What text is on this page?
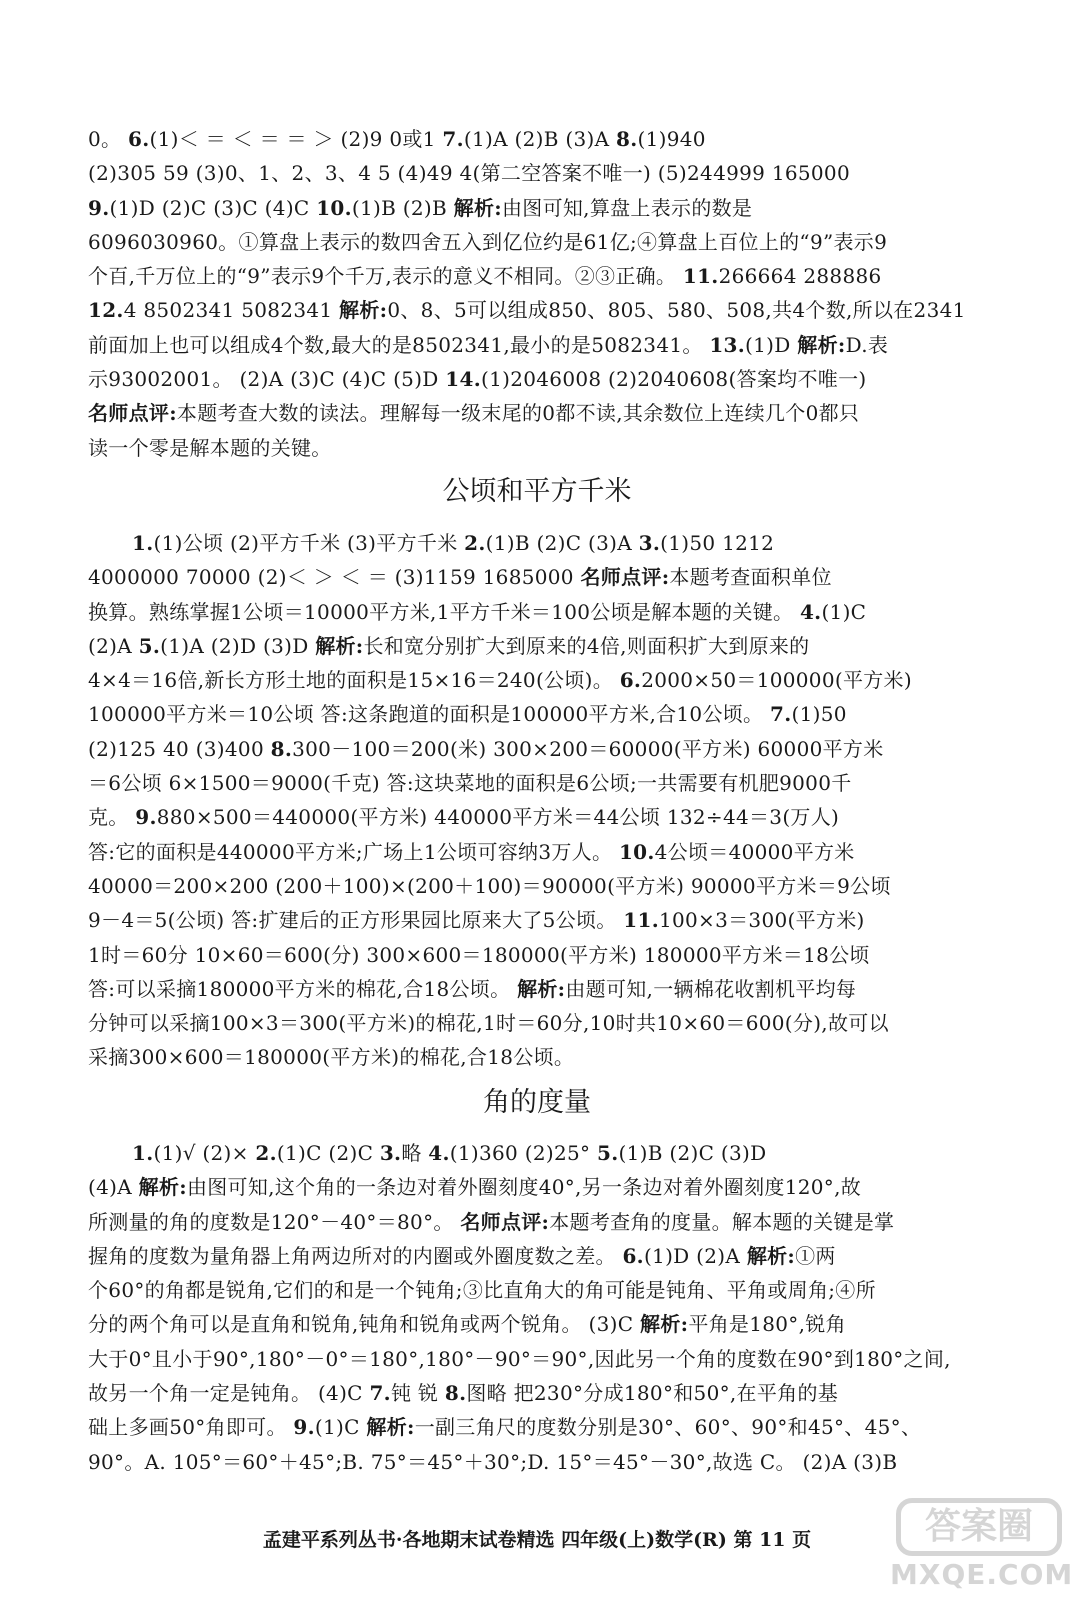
0。 6.(1)＜ ＝ ＜ ＝ ＝ ＞ (2)9 0或1 7.(1)A (2)B (3)A 8.(1)940
(2)305 59 (3)0、1、2、3、4 5 (4)49 4(第二空答案不唯一) (5)244999 165000
9.(1)D (2)C (3)C (4)C 10.(1)B (2)B 解析:由图可知,算盘上表示的数是
6096030960。①算盘上表示的数四舍五入到亿位约是61亿;④算盘上百位上的“9”表示9
个百,千万位上的“9”表示9个千万,表示的意义不相同。②③正确。 11.266664 288886
12.4 8502341 5082341 解析:0、8、5可以组成850、805、580、508,共4个数,所以在2341
前面加上也可以组成4个数,最大的是8502341,最小的是5082341。 13.(1)D 解析:D.表
示93002001。 (2)A (3)C (4)C (5)D 14.(1)2046008 (2)2040608(答案均不唯一)
名师点评:本题考查大数的读法。理解每一级末尾的0都不读,其余数位上连续几个0都只
读一个零是解本题的关键。
公顷和平方千米
1.(1)公顷 (2)平方千米 (3)平方千米 2.(1)B (2)C (3)A 3.(1)50 1212
4000000 70000 (2)＜ ＞ ＜ ＝ (3)1159 1685000 名师点评:本题考查面积单位
换算。熟练掌握1公顷＝10000平方米,1平方千米＝100公顷是解本题的关键。 4.(1)C
(2)A 5.(1)A (2)D (3)D 解析:长和宽分别扩大到原来的4倍,则面积扩大到原来的
4×4＝16倍,新长方形土地的面积是15×16＝240(公顷)。 6.2000×50＝100000(平方米)
100000平方米＝10公顷 答:这条跑道的面积是100000平方米,合10公顷。 7.(1)50
(2)125 40 (3)400 8.300－100＝200(米) 300×200＝60000(平方米) 60000平方米
＝6公顷 6×1500＝9000(千克) 答:这块菜地的面积是6公顷;一共需要有机肥9000千
克。 9.880×500＝440000(平方米) 440000平方米＝44公顷 132÷44＝3(万人)
答:它的面积是440000平方米;广场上1公顷可容纳3万人。 10.4公顷＝40000平方米
40000＝200×200 (200＋100)×(200＋100)＝90000(平方米) 90000平方米＝9公顷
9－4＝5(公顷) 答:扩建后的正方形果园比原来大了5公顷。 11.100×3＝300(平方米)
1时＝60分 10×60＝600(分) 300×600＝180000(平方米) 180000平方米＝18公顷
答:可以采摘180000平方米的棉花,合18公顷。 解析:由题可知,一辆棉花收割机平均每
分钟可以采摘100×3＝300(平方米)的棉花,1时＝60分,10时共10×60＝600(分),故可以
采摘300×600＝180000(平方米)的棉花,合18公顷。
角的度量
1.(1)√ (2)× 2.(1)C (2)C 3.略 4.(1)360 (2)25° 5.(1)B (2)C (3)D
(4)A 解析:由图可知,这个角的一条边对着外圈刻度40°,另一条边对着外圈刻度120°,故
所测量的角的度数是120°－40°＝80°。 名师点评:本题考查角的度量。解本题的关键是掌
握角的度数为量角器上角两边所对的内圈或外圈度数之差。 6.(1)D (2)A 解析:①两
个60°的角都是锐角,它们的和是一个钝角;③比直角大的角可能是钝角、平角或周角;④所
分的两个角可以是直角和锐角,钝角和锐角或两个锐角。 (3)C 解析:平角是180°,锐角
大于0°且小于90°,180°－0°＝180°,180°－90°＝90°,因此另一个角的度数在90°到180°之间,
故另一个角一定是钝角。 (4)C 7.钝 锐 8.图略 把230°分成180°和50°,在平角的基
础上多画50°角即可。 9.(1)C 解析:一副三角尺的度数分别是30°、60°、90°和45°、45°、
90°。A. 105°＝60°＋45°;B. 75°＝45°＋30°;D. 15°＝45°－30°,故选 C。 (2)A (3)B
孟建平系列丛书·各地期末试卷精选 四年级(上)数学(R) 第 11 页	答案圈
MXQE.COM
